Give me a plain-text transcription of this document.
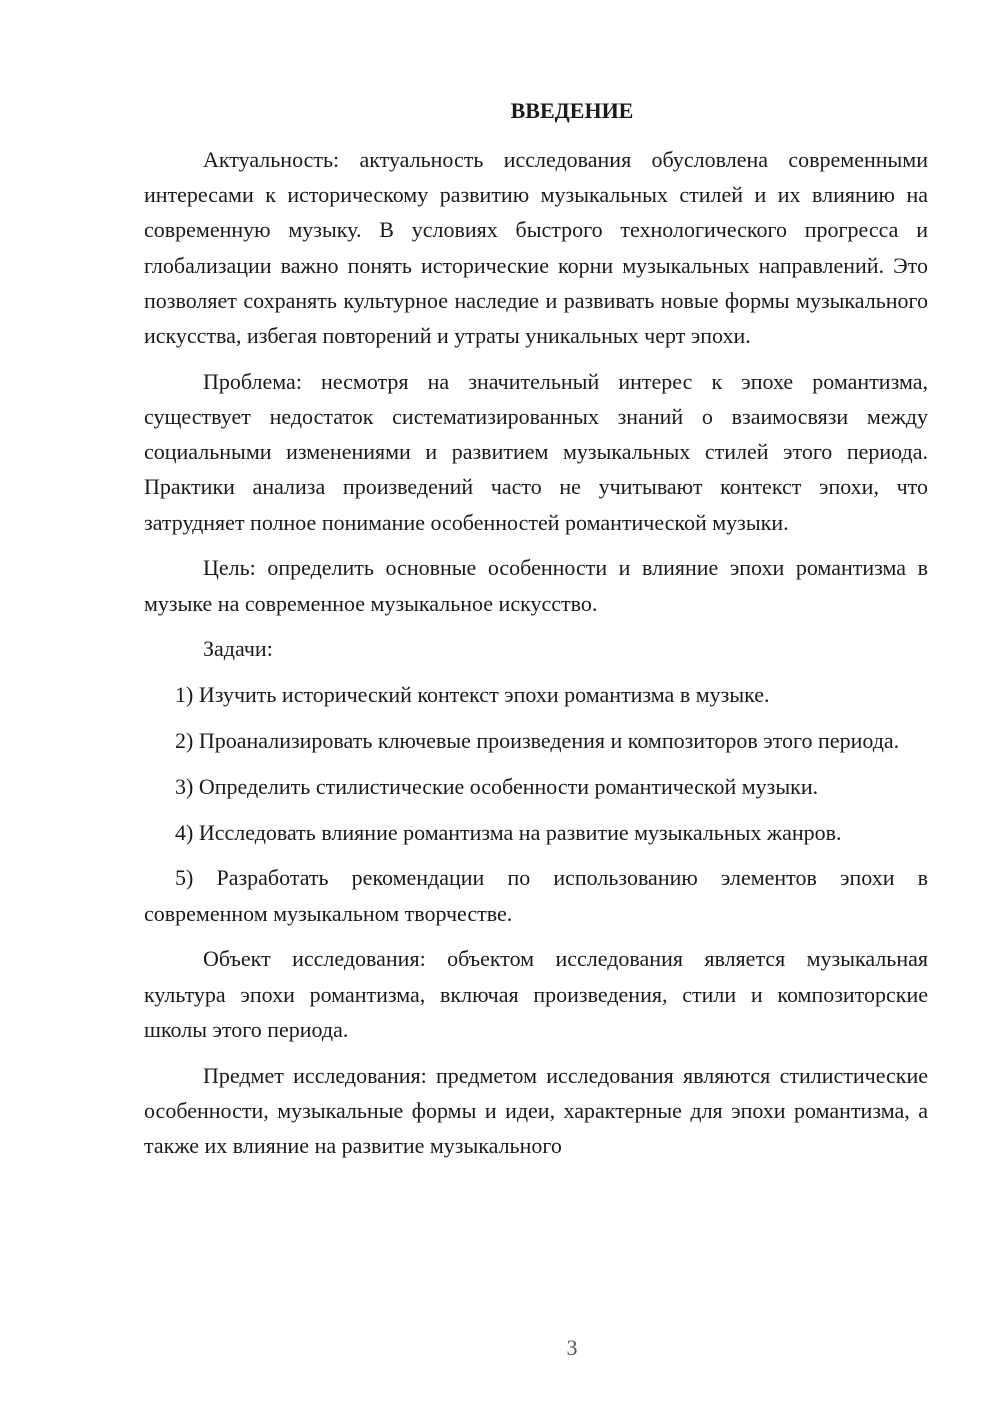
ВВЕДЕНИЕ

Актуальность: актуальность исследования обусловлена современными интересами к историческому развитию музыкальных стилей и их влиянию на современную музыку. В условиях быстрого технологического прогресса и глобализации важно понять исторические корни музыкальных направлений. Это позволяет сохранять культурное наследие и развивать новые формы музыкального искусства, избегая повторений и утраты уникальных черт эпохи.

Проблема: несмотря на значительный интерес к эпохе романтизма, существует недостаток систематизированных знаний о взаимосвязи между социальными изменениями и развитием музыкальных стилей этого периода. Практики анализа произведений часто не учитывают контекст эпохи, что затрудняет полное понимание особенностей романтической музыки.

Цель: определить основные особенности и влияние эпохи романтизма в музыке на современное музыкальное искусство.

Задачи:

1) Изучить исторический контекст эпохи романтизма в музыке.

2) Проанализировать ключевые произведения и композиторов этого периода.

3) Определить стилистические особенности романтической музыки.

4) Исследовать влияние романтизма на развитие музыкальных жанров.

5) Разработать рекомендации по использованию элементов эпохи в современном музыкальном творчестве.

Объект исследования: объектом исследования является музыкальная культура эпохи романтизма, включая произведения, стили и композиторские школы этого периода.

Предмет исследования: предметом исследования являются стилистические особенности, музыкальные формы и идеи, характерные для эпохи романтизма, а также их влияние на развитие музыкального

3
